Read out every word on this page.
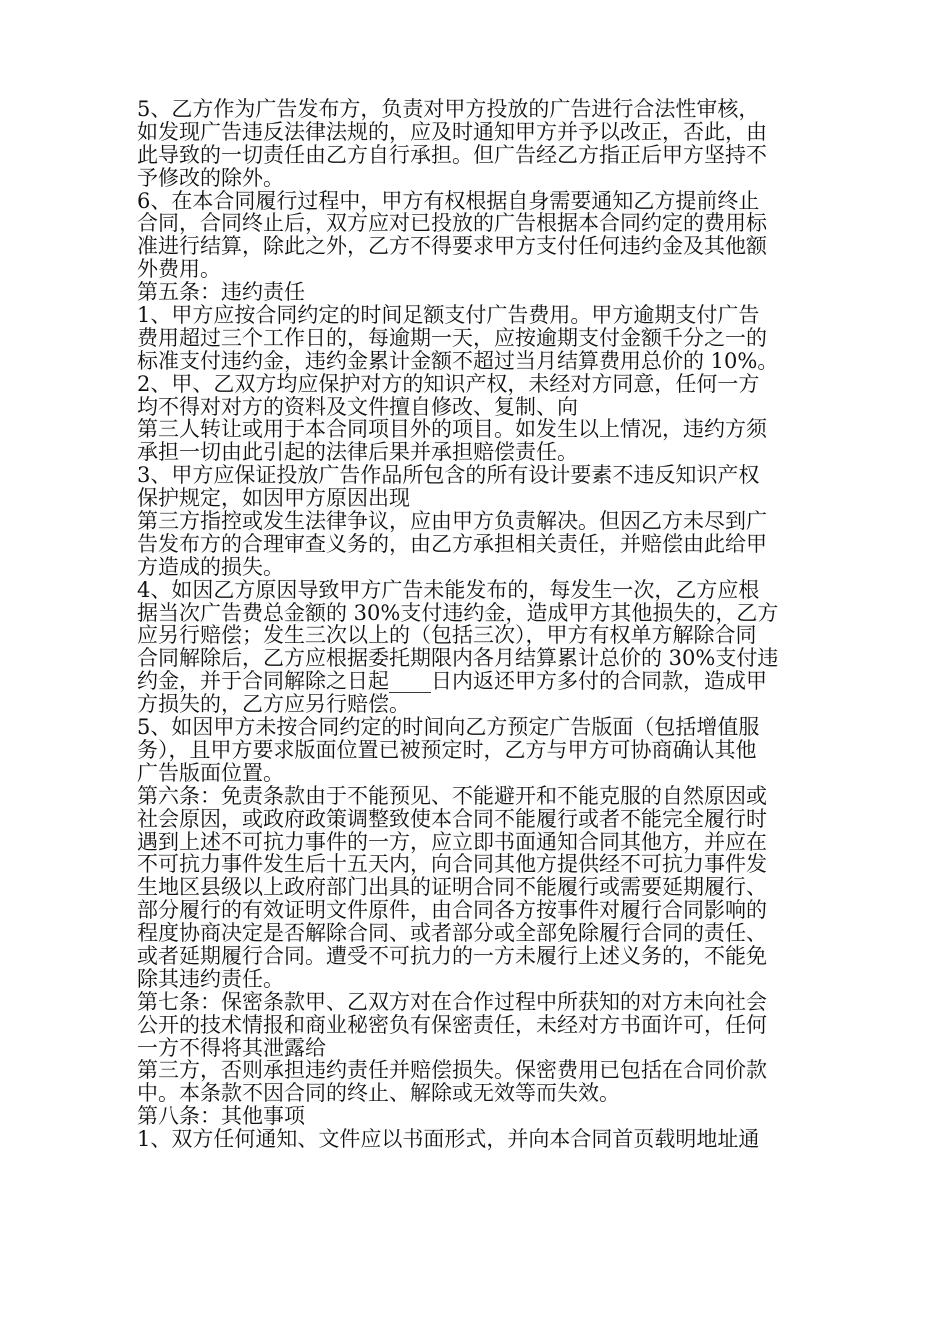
5、乙方作为广告发布方，负责对甲方投放的广告进行合法性审核，
如发现广告违反法律法规的，应及时通知甲方并予以改正，否此，由
此导致的一切责任由乙方自行承担。但广告经乙方指正后甲方坚持不
予修改的除外。
6、在本合同履行过程中，甲方有权根据自身需要通知乙方提前终止
合同，合同终止后，双方应对已投放的广告根据本合同约定的费用标
准进行结算，除此之外，乙方不得要求甲方支付任何违约金及其他额
外费用。
第五条：违约责任
1、甲方应按合同约定的时间足额支付广告费用。甲方逾期支付广告
费用超过三个工作日的，每逾期一天，应按逾期支付金额千分之一的
标准支付违约金，违约金累计金额不超过当月结算费用总价的 10%。
2、甲、乙双方均应保护对方的知识产权，未经对方同意，任何一方
均不得对对方的资料及文件擅自修改、复制、向
第三人转让或用于本合同项目外的项目。如发生以上情况，违约方须
承担一切由此引起的法律后果并承担赔偿责任。
3、甲方应保证投放广告作品所包含的所有设计要素不违反知识产权
保护规定，如因甲方原因出现
第三方指控或发生法律争议，应由甲方负责解决。但因乙方未尽到广
告发布方的合理审查义务的，由乙方承担相关责任，并赔偿由此给甲
方造成的损失。
4、如因乙方原因导致甲方广告未能发布的，每发生一次，乙方应根
据当次广告费总金额的 30%支付违约金，造成甲方其他损失的，乙方
应另行赔偿；发生三次以上的（包括三次），甲方有权单方解除合同
合同解除后，乙方应根据委托期限内各月结算累计总价的 30%支付违
约金，并于合同解除之日起____日内返还甲方多付的合同款，造成甲
方损失的，乙方应另行赔偿。
5、如因甲方未按合同约定的时间向乙方预定广告版面（包括增值服
务），且甲方要求版面位置已被预定时，乙方与甲方可协商确认其他
广告版面位置。
第六条：免责条款由于不能预见、不能避开和不能克服的自然原因或
社会原因，或政府政策调整致使本合同不能履行或者不能完全履行时
遇到上述不可抗力事件的一方，应立即书面通知合同其他方，并应在
不可抗力事件发生后十五天内，向合同其他方提供经不可抗力事件发
生地区县级以上政府部门出具的证明合同不能履行或需要延期履行、
部分履行的有效证明文件原件，由合同各方按事件对履行合同影响的
程度协商决定是否解除合同、或者部分或全部免除履行合同的责任、
或者延期履行合同。遭受不可抗力的一方未履行上述义务的，不能免
除其违约责任。
第七条：保密条款甲、乙双方对在合作过程中所获知的对方未向社会
公开的技术情报和商业秘密负有保密责任，未经对方书面许可，任何
一方不得将其泄露给
第三方，否则承担违约责任并赔偿损失。保密费用已包括在合同价款
中。本条款不因合同的终止、解除或无效等而失效。
第八条：其他事项
1、双方任何通知、文件应以书面形式，并向本合同首页载明地址通
